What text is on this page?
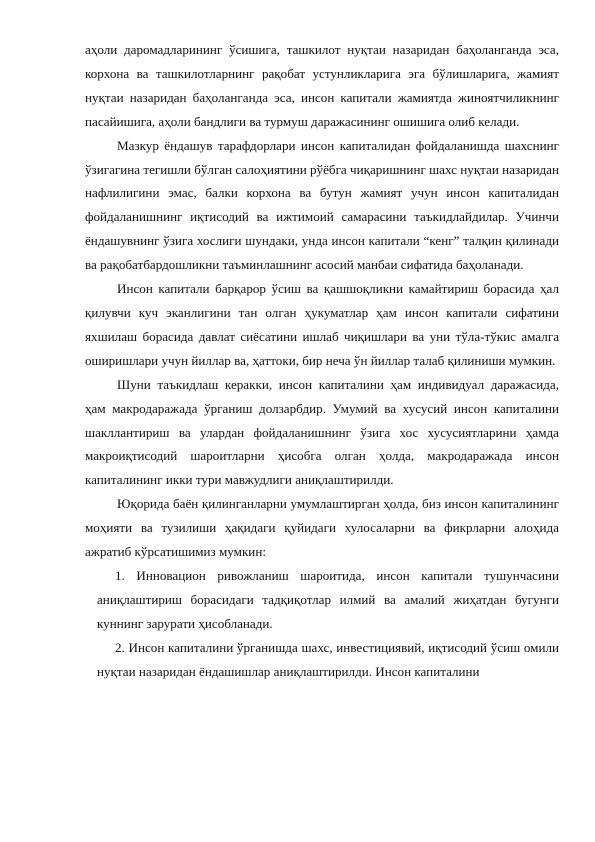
аҳоли даромадларининг ўсишига, ташкилот нуқтаи назаридан баҳоланганда эса, корхона ва ташкилотларнинг рақобат устунликларига эга бўлишларига, жамият нуқтаи назаридан баҳоланганда эса, инсон капитали жамиятда жиноятчиликнинг пасайишига, аҳоли бандлиги ва турмуш даражасининг ошишига олиб келади.

Мазкур ёндашув тарафдорлари инсон капиталидан фойдаланишда шахснинг ўзигагина тегишли бўлган салоҳиятини рўёбга чиқаришнинг шахс нуқтаи назаридан нафлилигини эмас, балки корхона ва бутун жамият учун инсон капиталидан фойдаланишнинг иқтисодий ва ижтимоий самарасини таъкидлайдилар. Учинчи ёндашувнинг ўзига хослиги шундаки, унда инсон капитали “кенг” талқин қилинади ва рақобатбардошликни таъминлашнинг асосий манбаи сифатида баҳоланади.

Инсон капитали барқарор ўсиш ва қашшоқликни камайтириш борасида ҳал қилувчи куч эканлигини тан олган ҳукуматлар ҳам инсон капитали сифатини яхшилаш борасида давлат сиёсатини ишлаб чиқишлари ва уни тўла-тўкис амалга оширишлари учун йиллар ва, ҳаттоки, бир неча ўн йиллар талаб қилиниши мумкин.

Шуни таъкидлаш керакки, инсон капиталини ҳам индивидуал даражасида, ҳам макродаражада ўрганиш долзарбдир. Умумий ва хусусий инсон капиталини шакллантириш ва улардан фойдаланишнинг ўзига хос хусусиятларини ҳамда макроиқтисодий шароитларни ҳисобга олган ҳолда, макродаражада инсон капиталининг икки тури мавжудлиги аниқлаштирилди.

Юқорида баён қилинганларни умумлаштирган ҳолда, биз инсон капиталининг моҳияти ва тузилиши ҳақидаги қуйидаги хулосаларни ва фикрларни алоҳида ажратиб кўрсатишимиз мумкин:

1. Инновацион ривожланиш шароитида, инсон капитали тушунчасини аниқлаштириш борасидаги тадқиқотлар илмий ва амалий жиҳатдан бугунги куннинг зарурати ҳисобланади.

2. Инсон капиталини ўрганишда шахс, инвестициявий, иқтисодий ўсиш омили нуқтаи назаридан ёндашишлар аниқлаштирилди. Инсон капиталини
